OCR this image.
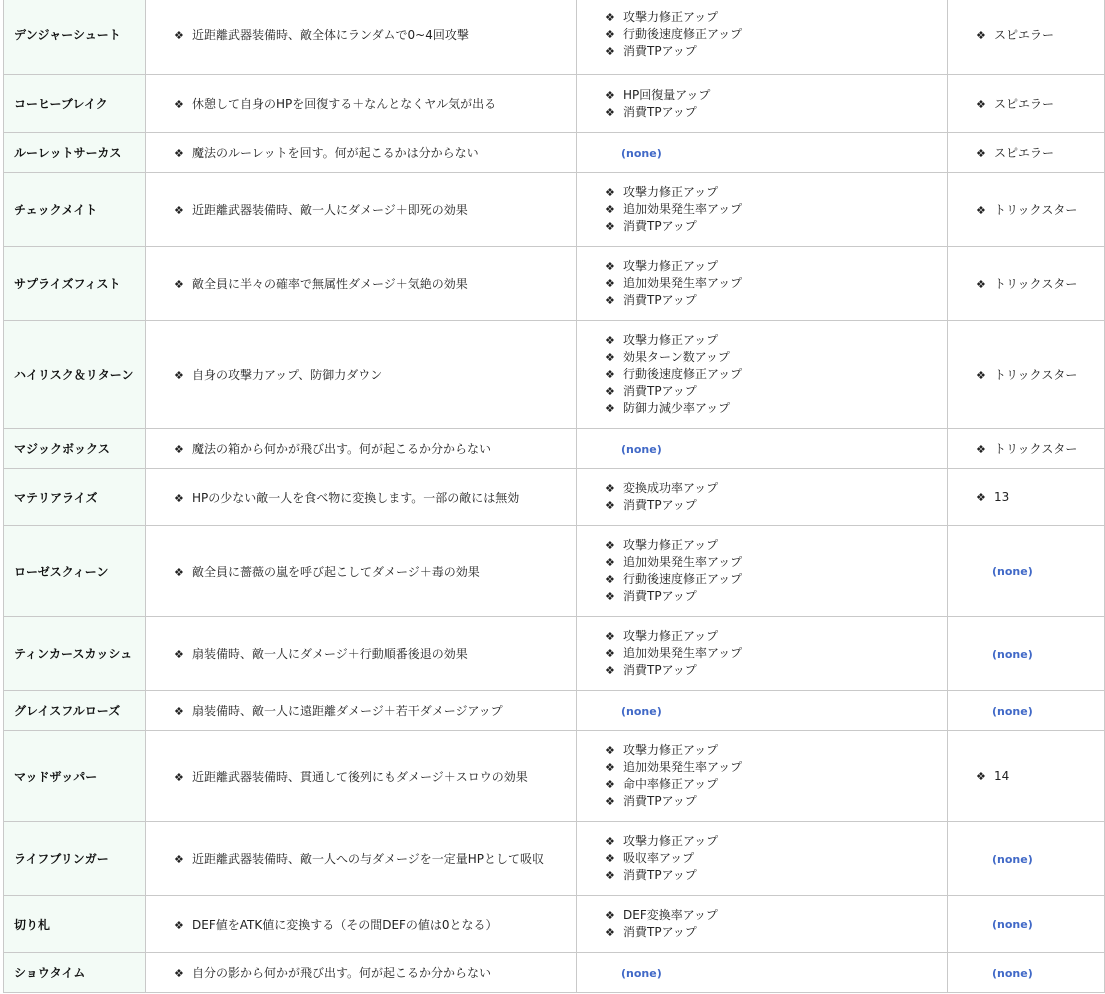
デンジャーシュート	❖ 近距離武器装備時、敵全体にランダムで0~4回攻撃	❖ 攻撃力修正アップ
❖ 行動後速度修正アップ
❖ 消費TPアップ	❖ スピエラー
コーヒーブレイク	❖ 休憩して自身のHPを回復する＋なんとなくヤル気が出る	❖ HP回復量アップ
❖ 消費TPアップ	❖ スピエラー
ルーレットサーカス	❖ 魔法のルーレットを回す。何が起こるかは分からない	(none)	❖ スピエラー
チェックメイト	❖ 近距離武器装備時、敵一人にダメージ＋即死の効果	❖ 攻撃力修正アップ
❖ 追加効果発生率アップ
❖ 消費TPアップ	❖ トリックスター
サプライズフィスト	❖ 敵全員に半々の確率で無属性ダメージ＋気絶の効果	❖ 攻撃力修正アップ
❖ 追加効果発生率アップ
❖ 消費TPアップ	❖ トリックスター
ハイリスク＆リターン	❖ 自身の攻撃力アップ、防御力ダウン	❖ 攻撃力修正アップ
❖ 効果ターン数アップ
❖ 行動後速度修正アップ
❖ 消費TPアップ
❖ 防御力減少率アップ	❖ トリックスター
マジックボックス	❖ 魔法の箱から何かが飛び出す。何が起こるか分からない	(none)	❖ トリックスター
マテリアライズ	❖ HPの少ない敵一人を食べ物に変換します。一部の敵には無効	❖ 変換成功率アップ
❖ 消費TPアップ	❖ 13
ローゼスクィーン	❖ 敵全員に薔薇の嵐を呼び起こしてダメージ＋毒の効果	❖ 攻撃力修正アップ
❖ 追加効果発生率アップ
❖ 行動後速度修正アップ
❖ 消費TPアップ	(none)
ティンカースカッシュ	❖ 扇装備時、敵一人にダメージ＋行動順番後退の効果	❖ 攻撃力修正アップ
❖ 追加効果発生率アップ
❖ 消費TPアップ	(none)
グレイスフルローズ	❖ 扇装備時、敵一人に遠距離ダメージ＋若干ダメージアップ	(none)	(none)
マッドザッパー	❖ 近距離武器装備時、貫通して後列にもダメージ＋スロウの効果	❖ 攻撃力修正アップ
❖ 追加効果発生率アップ
❖ 命中率修正アップ
❖ 消費TPアップ	❖ 14
ライフブリンガー	❖ 近距離武器装備時、敵一人への与ダメージを一定量HPとして吸収	❖ 攻撃力修正アップ
❖ 吸収率アップ
❖ 消費TPアップ	(none)
切り札	❖ DEF値をATK値に変換する（その間DEFの値は0となる）	❖ DEF変換率アップ
❖ 消費TPアップ	(none)
ショウタイム	❖ 自分の影から何かが飛び出す。何が起こるか分からない	(none)	(none)
